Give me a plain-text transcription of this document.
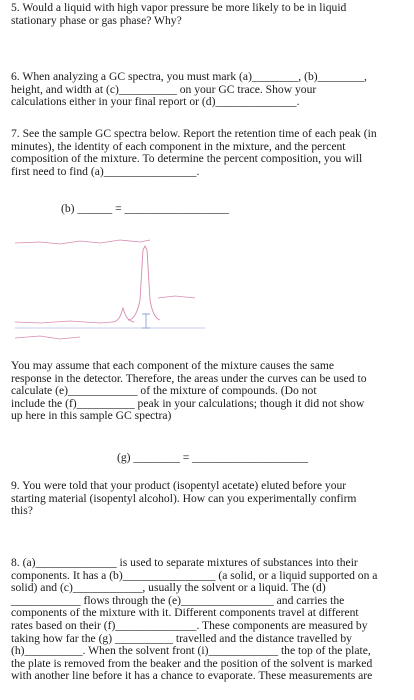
5. Would a liquid with high vapor pressure be more likely to be in liquid

stationary phase or gas phase? Why?

6. When analyzing a GC spectra, you must mark (a)________, (b)________,

height, and width at (c)__________ on your GC trace. Show your

calculations either in your final report or (d)______________.

7. See the sample GC spectra below. Report the retention time of each peak (in

minutes), the identity of each component in the mixture, and the percent

composition of the mixture. To determine the percent composition, you will

first need to find (a)________________.

(b) ______ = __________________

You may assume that each component of the mixture causes the same

response in the detector. Therefore, the areas under the curves can be used to

calculate (e)____________ of the mixture of compounds. (Do not

include the (f)__________ peak in your calculations; though it did not show

up here in this sample GC spectra)

(g) ________ = ____________________

9. You were told that your product (isopentyl acetate) eluted before your

starting material (isopentyl alcohol). How can you experimentally confirm

this?

8. (a)______________ is used to separate mixtures of substances into their

components. It has a (b)________________ (a solid, or a liquid supported on a

solid) and (c)____________, usually the solvent or a liquid. The (d)

____________ flows through the (e)________________ and carries the

components of the mixture with it. Different components travel at different

rates based on their (f)______________. These components are measured by

taking how far the (g) __________ travelled and the distance travelled by

(h)__________. When the solvent front (i)____________ the top of the plate,

the plate is removed from the beaker and the position of the solvent is marked

with another line before it has a chance to evaporate. These measurements are
